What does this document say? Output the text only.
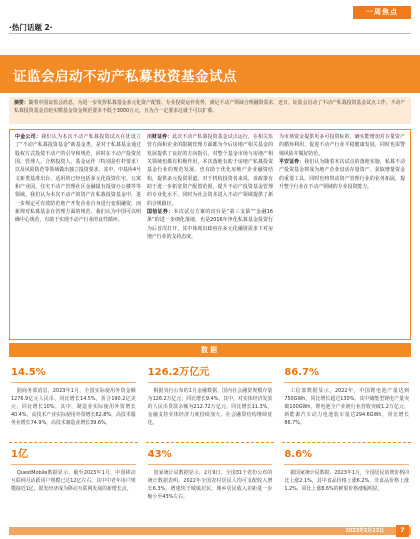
一周焦点
·热门话题 2·
证监会启动不动产私募投资基金试点
摘要：随着中国证监会消息，为进一步发挥私募基金多元化资产配置、专业投资运作优势，满足不动产领域合理融资需求，近日，证监会启动了不动产私募投资基金试点工作。不动产私募投资基金首轮实缴基金资金规范要求不低于3000万元，且为合一定要求这就于可以扩募。
中金公司：我们认为本次不动产私募投资试点在优设立了“不动产私募投资基金”新基金类，是对于私募基金通过股权方式投资不动产的引导和规范，同时在不动产投资范围、管理人、合格投资人、基金运作（特别是杠杆要求）以及风险防范等领域做出独立投资要求，其中，中基协4号文新类基准出台，适用的已经包括多元化投资住宅、公寓和产业园、住宅不动产管理社区金融提有投资办公楼等等领域。我们认为本次不动产的资产在私募投资基金中，进一步规定可有效防范地产开发企业自身进行变相融资，而新规对私募基金在管理方面的规范，我们认为中国可以明确中心规范，有助于实现不动产行业的良性循环。
川财证券：此次不动产私募投资基金试点运行，在相关监管方面和企业的限制管理方面都为今后房地产相关基金的发展提供了良好的方向指引。对整个基金市场与房地产相关领域也都有积极作用，本次落地有助于房地产私募投资基金行业的规范发展，也有助于优化房地产企业融资结构，提供多元投资渠道。对于机构投资者来说，该政策有助于进一步拓宽资产配置范围，提升不动产投资基金管理的专业化水平，同时为社会资本进入不动产领域提供了新的合规路径。
国信证券：本次试点方案的出台是“第三支箭”“金融16条”的进一步细化落地，也是2016年净化私募基金投资行为后首次打开，其中体现出政府在多元化融资需求下对房地产行业的支持态度。
为市场资金提供更多可投资标的，确实能增加对存量资产的循环利用，促进不动产行业平稳健康发展，同时也需警惕风险并做好防范。
平安证券：我们认为随着本次试点的落地实施，私募不动产投资基金将成为地产企业盘活存量资产、获取增量资金的重要工具，同时也将带动资产管理行业的业务拓展，提升整个行业在不动产领域的专业投资能力。
数据
14.5%
据商务部消息，2023年1月，全国实际使用外资金额1276.9亿元人民币，同比增长14.5%，折合190.2亿美元，同比增长10%。其中，制造业实际使用外资增长40.4%，高技术产业实际使用外资增长62.8%，高技术服务业增长74.9%，高技术制造业增长39.6%。
126.2万亿元
根据央行公布的1月金融数据，国内社会融资规模存量为126.2万亿元，同比增长9.4%。其中，对实体经济发放的人民币贷款余额为212.72万亿元，同比增长11.3%，金融支持实体经济力度持续加大，社会融资结构继续优化。
86.7%
工信部数据显示，2022年，中国锂电池产量达到750GWh，同比增长超过130%。其中储能型锂电产量突破100GWh，锂电池全产业链行业营收突破1.2万亿元，新能源汽车动力电池装车量达294.6GWh，同比增长86.7%。
1亿
QuestMobile数据显示，截至2023年1月，中国移动互联网月活跃用户规模已达12亿左右，其中中老年用户规模接近1亿，银发经济成为移动互联网发展的新增长点。
43%
国家统计局数据显示，2月9日，全国31个省份公布的统计数据表明，2022年全国农村居民人均可支配收入增长6.3%，增速快于城镇居民，城乡居民收入差距进一步缩小至43%左右。
8.6%
据国家统计局数据，2023年1月，全国居民消费价格同比上涨2.1%，其中食品价格上涨6.2%，非食品价格上涨1.2%，同比上涨8.6%的鲜果价格涨幅明显。
2023年2月23日	7
